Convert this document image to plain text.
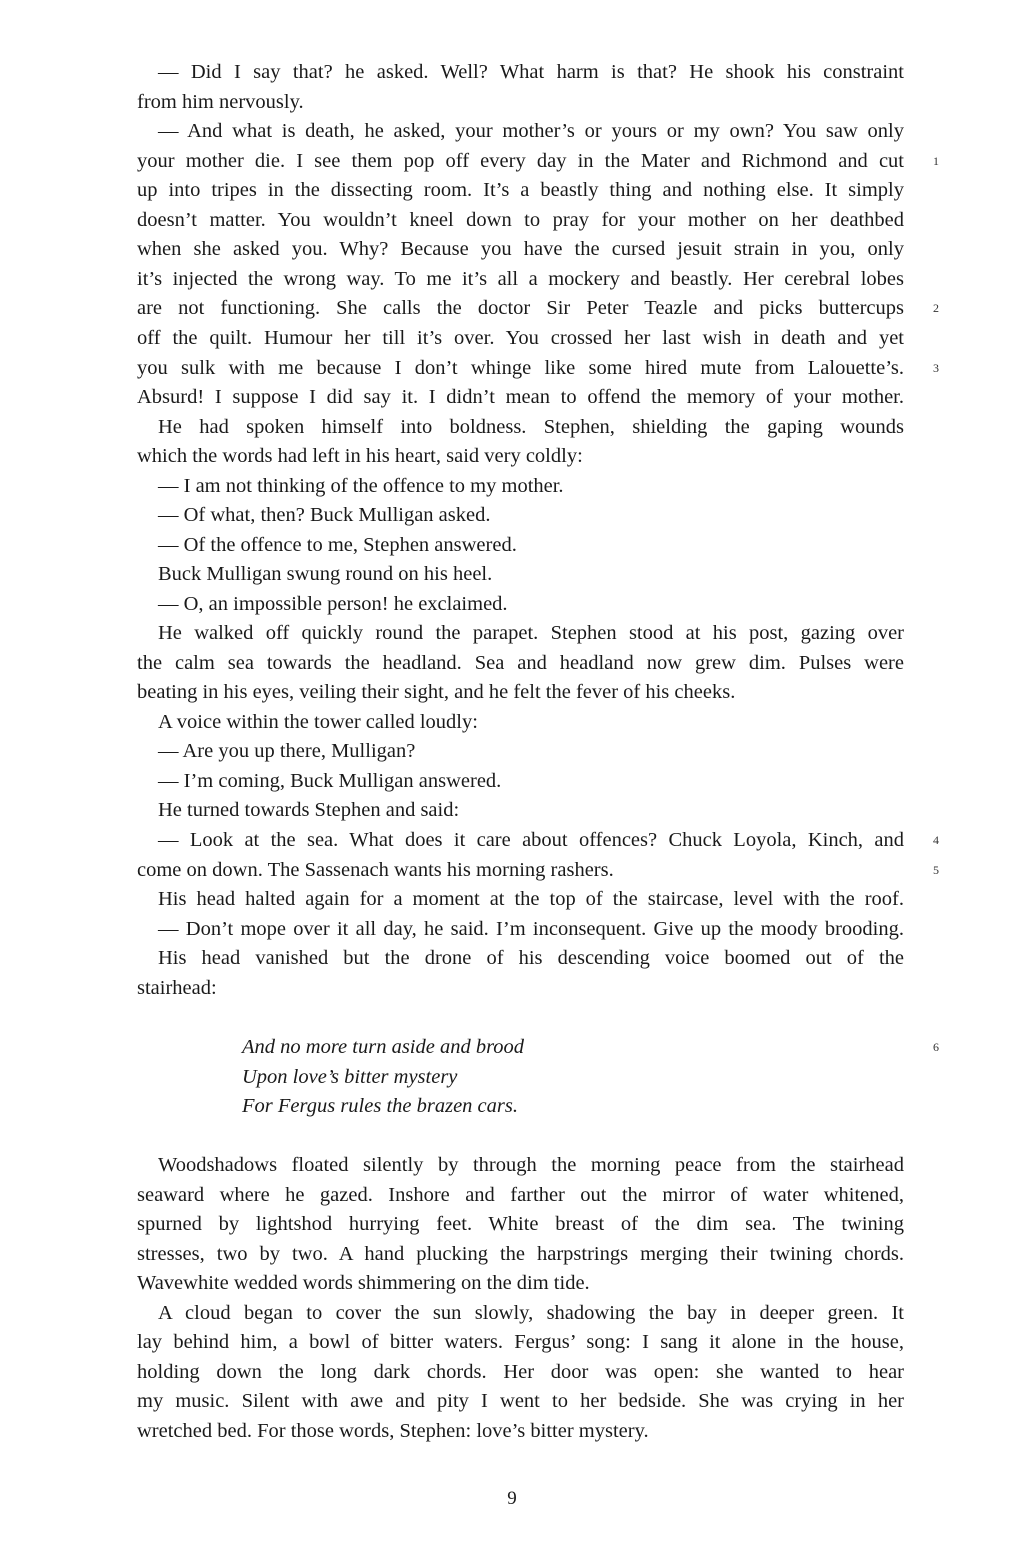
— Did I say that? he asked. Well? What harm is that? He shook his constraint
from him nervously.
— And what is death, he asked, your mother’s or yours or my own? You saw only
your mother die. I see them pop off every day in the Mater and Richmond and cut
up into tripes in the dissecting room. It’s a beastly thing and nothing else. It simply
doesn’t matter. You wouldn’t kneel down to pray for your mother on her deathbed
when she asked you. Why? Because you have the cursed jesuit strain in you, only
it’s injected the wrong way. To me it’s all a mockery and beastly. Her cerebral lobes
are not functioning. She calls the doctor Sir Peter Teazle and picks buttercups
off the quilt. Humour her till it’s over. You crossed her last wish in death and yet
you sulk with me because I don’t whinge like some hired mute from Lalouette’s.
Absurd! I suppose I did say it. I didn’t mean to offend the memory of your mother.
He had spoken himself into boldness. Stephen, shielding the gaping wounds
which the words had left in his heart, said very coldly:
— I am not thinking of the offence to my mother.
— Of what, then? Buck Mulligan asked.
— Of the offence to me, Stephen answered.
Buck Mulligan swung round on his heel.
— O, an impossible person! he exclaimed.
He walked off quickly round the parapet. Stephen stood at his post, gazing over
the calm sea towards the headland. Sea and headland now grew dim. Pulses were
beating in his eyes, veiling their sight, and he felt the fever of his cheeks.
A voice within the tower called loudly:
— Are you up there, Mulligan?
— I’m coming, Buck Mulligan answered.
He turned towards Stephen and said:
— Look at the sea. What does it care about offences? Chuck Loyola, Kinch, and
come on down. The Sassenach wants his morning rashers.
His head halted again for a moment at the top of the staircase, level with the roof.
— Don’t mope over it all day, he said. I’m inconsequent. Give up the moody brooding.
His head vanished but the drone of his descending voice boomed out of the
stairhead:
And no more turn aside and brood
Upon love’s bitter mystery
For Fergus rules the brazen cars.
Woodshadows floated silently by through the morning peace from the stairhead
seaward where he gazed. Inshore and farther out the mirror of water whitened,
spurned by lightshod hurrying feet. White breast of the dim sea. The twining
stresses, two by two. A hand plucking the harpstrings merging their twining chords.
Wavewhite wedded words shimmering on the dim tide.
A cloud began to cover the sun slowly, shadowing the bay in deeper green. It
lay behind him, a bowl of bitter waters. Fergus’ song: I sang it alone in the house,
holding down the long dark chords. Her door was open: she wanted to hear
my music. Silent with awe and pity I went to her bedside. She was crying in her
wretched bed. For those words, Stephen: love’s bitter mystery.
1
2
3
4
5
6
9
